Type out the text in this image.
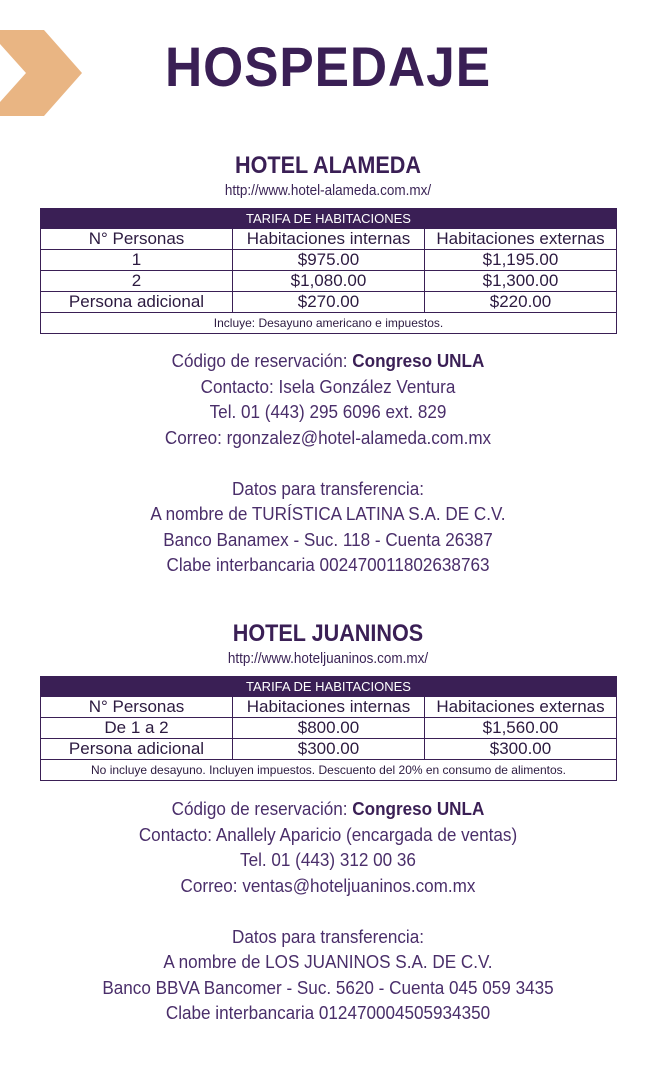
HOSPEDAJE
HOTEL ALAMEDA
http://www.hotel-alameda.com.mx/
TARIFA DE HABITACIONES		
N° Personas	Habitaciones internas	Habitaciones externas
1	$975.00	$1,195.00
2	$1,080.00	$1,300.00
Persona adicional	$270.00	$220.00
Incluye: Desayuno americano e impuestos.		
Código de reservación: Congreso UNLA
Contacto: Isela González Ventura
Tel. 01 (443) 295 6096 ext. 829
Correo: rgonzalez@hotel-alameda.com.mx

Datos para transferencia:
A nombre de TURÍSTICA LATINA S.A. DE C.V.
Banco Banamex - Suc. 118 - Cuenta 26387
Clabe interbancaria 002470011802638763
HOTEL JUANINOS
http://www.hoteljuaninos.com.mx/
TARIFA DE HABITACIONES		
N° Personas	Habitaciones internas	Habitaciones externas
De 1 a 2	$800.00	$1,560.00
Persona adicional	$300.00	$300.00
No incluye desayuno. Incluyen impuestos. Descuento del 20% en consumo de alimentos.		
Código de reservación: Congreso UNLA
Contacto: Anallely Aparicio (encargada de ventas)
Tel. 01 (443) 312 00 36
Correo: ventas@hoteljuaninos.com.mx

Datos para transferencia:
A nombre de LOS JUANINOS S.A. DE C.V.
Banco BBVA Bancomer - Suc. 5620 - Cuenta 045 059 3435
Clabe interbancaria 012470004505934350
